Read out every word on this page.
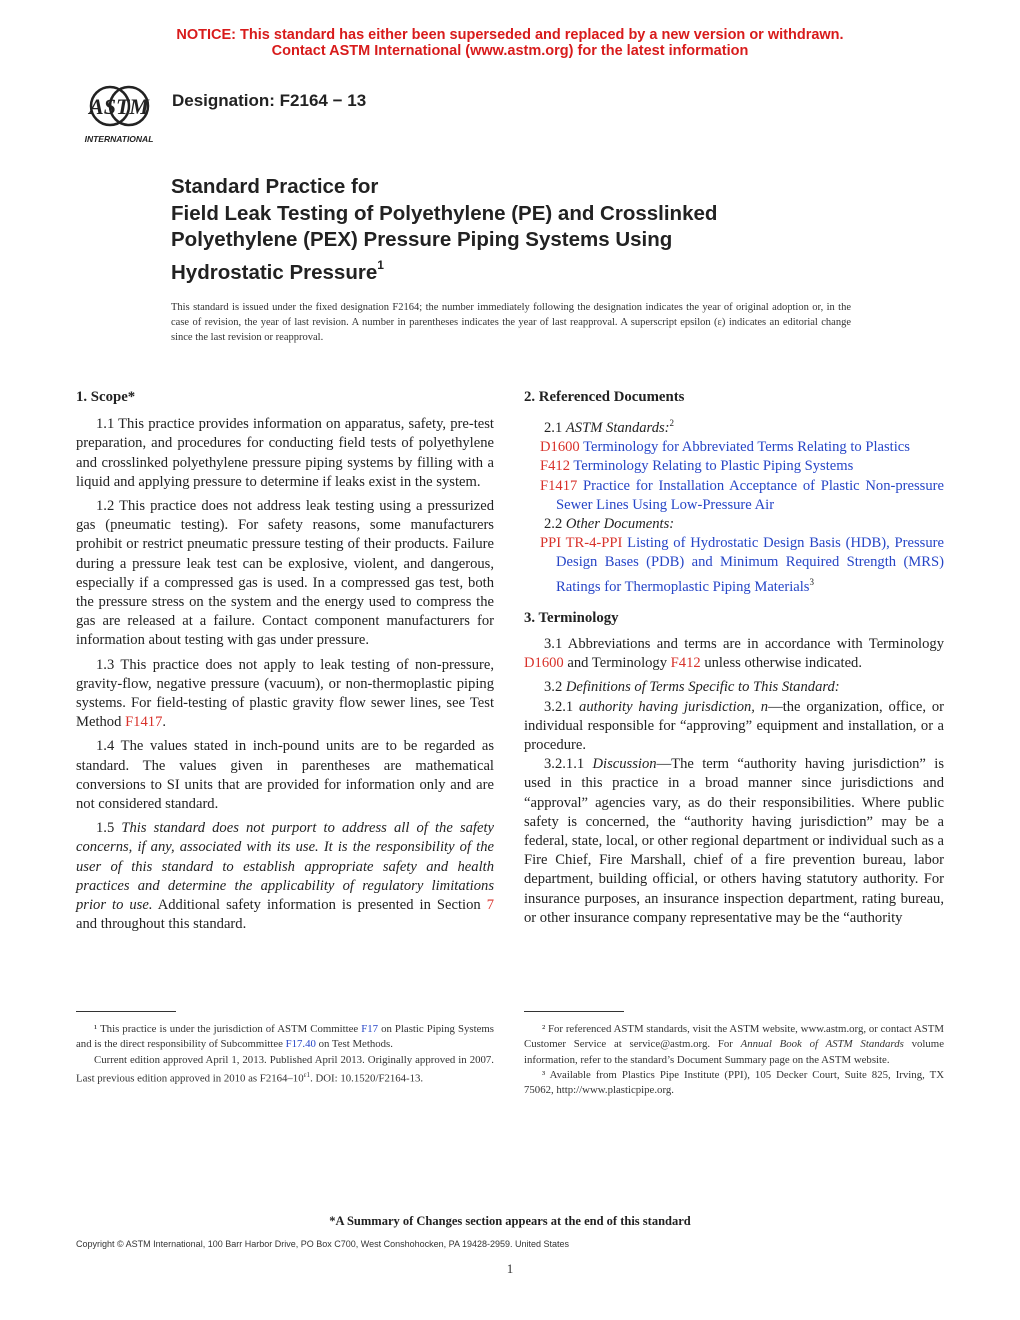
NOTICE: This standard has either been superseded and replaced by a new version or withdrawn.
Contact ASTM International (www.astm.org) for the latest information
ASTM
INTERNATIONAL
Designation: F2164 − 13
Standard Practice for
Field Leak Testing of Polyethylene (PE) and Crosslinked
Polyethylene (PEX) Pressure Piping Systems Using
Hydrostatic Pressure$^1$
This standard is issued under the fixed designation F2164; the number immediately following the designation indicates the year of original adoption or, in the case of revision, the year of last revision. A number in parentheses indicates the year of last reapproval. A superscript epsilon (ε) indicates an editorial change since the last revision or reapproval.
1. Scope*

1.1 This practice provides information on apparatus, safety, pre-test preparation, and procedures for conducting field tests of polyethylene and crosslinked polyethylene pressure piping systems by filling with a liquid and applying pressure to determine if leaks exist in the system.

1.2 This practice does not address leak testing using a pressurized gas (pneumatic testing). For safety reasons, some manufacturers prohibit or restrict pneumatic pressure testing of their products. Failure during a pressure leak test can be explosive, violent, and dangerous, especially if a compressed gas is used. In a compressed gas test, both the pressure stress on the system and the energy used to compress the gas are released at a failure. Contact component manufacturers for information about testing with gas under pressure.

1.3 This practice does not apply to leak testing of non-pressure, gravity-flow, negative pressure (vacuum), or non-thermoplastic piping systems. For field-testing of plastic gravity flow sewer lines, see Test Method F1417.

1.4 The values stated in inch-pound units are to be regarded as standard. The values given in parentheses are mathematical conversions to SI units that are provided for information only and are not considered standard.

1.5 This standard does not purport to address all of the safety concerns, if any, associated with its use. It is the responsibility of the user of this standard to establish appropriate safety and health practices and determine the applicability of regulatory limitations prior to use. Additional safety information is presented in Section 7 and throughout this standard.

2. Referenced Documents

2.1 ASTM Standards:$^2$

D1600 Terminology for Abbreviated Terms Relating to Plastics

F412 Terminology Relating to Plastic Piping Systems

F1417 Practice for Installation Acceptance of Plastic Non-pressure Sewer Lines Using Low-Pressure Air

2.2 Other Documents:

PPI TR-4-PPI Listing of Hydrostatic Design Basis (HDB), Pressure Design Bases (PDB) and Minimum Required Strength (MRS) Ratings for Thermoplastic Piping Materials$^3$

3. Terminology

3.1 Abbreviations and terms are in accordance with Terminology D1600 and Terminology F412 unless otherwise indicated.

3.2 Definitions of Terms Specific to This Standard:

3.2.1 authority having jurisdiction, n—the organization, office, or individual responsible for “approving” equipment and installation, or a procedure.

3.2.1.1 Discussion—The term “authority having jurisdiction” is used in this practice in a broad manner since jurisdictions and “approval” agencies vary, as do their responsibilities. Where public safety is concerned, the “authority having jurisdiction” may be a federal, state, local, or other regional department or individual such as a Fire Chief, Fire Marshall, chief of a fire prevention bureau, labor department, building official, or others having statutory authority. For insurance purposes, an insurance inspection department, rating bureau, or other insurance company representative may be the “authority

¹ This practice is under the jurisdiction of ASTM Committee F17 on Plastic Piping Systems and is the direct responsibility of Subcommittee F17.40 on Test Methods.

Current edition approved April 1, 2013. Published April 2013. Originally approved in 2007. Last previous edition approved in 2010 as $F2164-10^{\varepsilon 1}$. DOI: 10.1520/F2164-13.

² For referenced ASTM standards, visit the ASTM website, www.astm.org, or contact ASTM Customer Service at service@astm.org. For Annual Book of ASTM Standards volume information, refer to the standard’s Document Summary page on the ASTM website.

³ Available from Plastics Pipe Institute (PPI), 105 Decker Court, Suite 825, Irving, TX 75062, http://www.plasticpipe.org.

*A Summary of Changes section appears at the end of this standard
Copyright © ASTM International, 100 Barr Harbor Drive, PO Box C700, West Conshohocken, PA 19428-2959. United States
1
